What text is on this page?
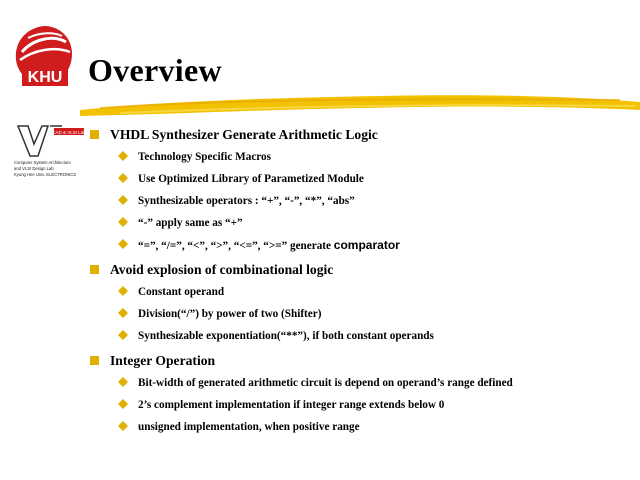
KHU Overview
CAD & VLSI Lab
Computer System Architecture
and VLSI Design Lab
Kyung Hee Univ. ELECTRONICS
VHDL Synthesizer Generate Arithmetic Logic
Technology Specific Macros
Use Optimized Library of Parametized Module
Synthesizable operators : “+”, “-”, “*”, “abs”
“-” apply same as “+”
“=”, “/=”, “<”, “>”, “<=”, “>=” generate comparator
Avoid explosion of combinational logic
Constant operand
Division(“/”) by power of two (Shifter)
Synthesizable exponentiation(“**”), if both constant operands
Integer Operation
Bit-width of generated arithmetic circuit is depend on operand’s range defined
2’s complement implementation if integer range extends below 0
unsigned implementation, when positive range
